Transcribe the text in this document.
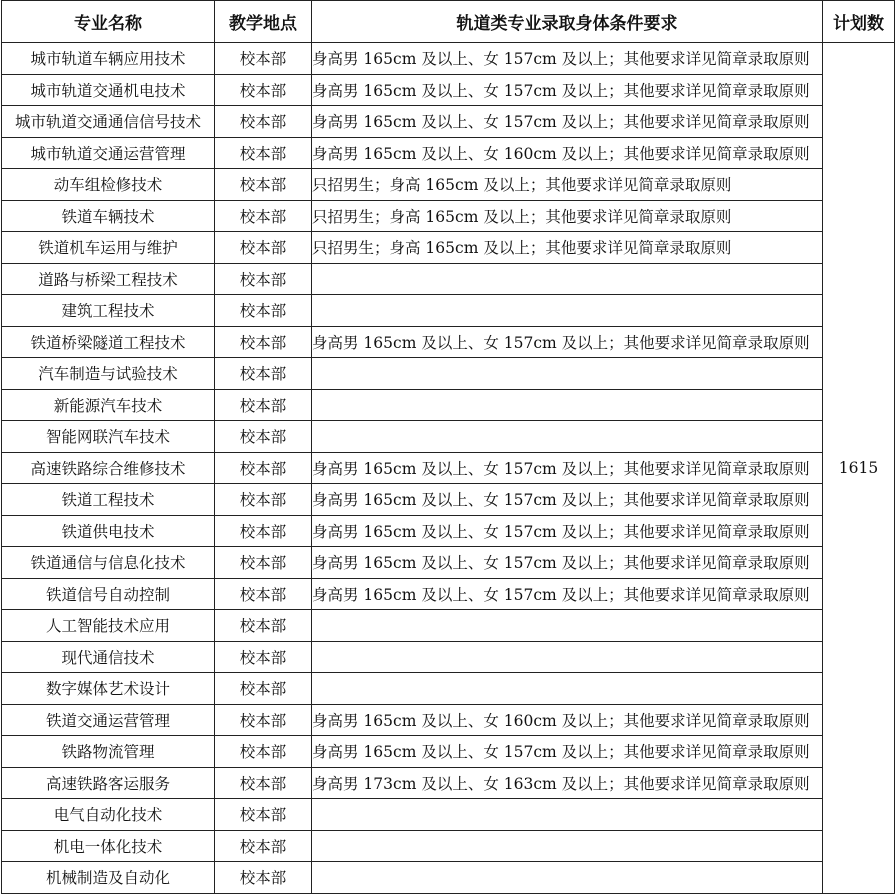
专业名称	教学地点	轨道类专业录取身体条件要求	计划数
城市轨道车辆应用技术	校本部	身高男 165cm 及以上、女 157cm 及以上；其他要求详见简章录取原则	1615
城市轨道交通机电技术	校本部	身高男 165cm 及以上、女 157cm 及以上；其他要求详见简章录取原则	
城市轨道交通通信信号技术	校本部	身高男 165cm 及以上、女 157cm 及以上；其他要求详见简章录取原则	
城市轨道交通运营管理	校本部	身高男 165cm 及以上、女 160cm 及以上；其他要求详见简章录取原则	
动车组检修技术	校本部	只招男生；身高 165cm 及以上；其他要求详见简章录取原则	
铁道车辆技术	校本部	只招男生；身高 165cm 及以上；其他要求详见简章录取原则	
铁道机车运用与维护	校本部	只招男生；身高 165cm 及以上；其他要求详见简章录取原则	
道路与桥梁工程技术	校本部		
建筑工程技术	校本部		
铁道桥梁隧道工程技术	校本部	身高男 165cm 及以上、女 157cm 及以上；其他要求详见简章录取原则	
汽车制造与试验技术	校本部		
新能源汽车技术	校本部		
智能网联汽车技术	校本部		
高速铁路综合维修技术	校本部	身高男 165cm 及以上、女 157cm 及以上；其他要求详见简章录取原则	
铁道工程技术	校本部	身高男 165cm 及以上、女 157cm 及以上；其他要求详见简章录取原则	
铁道供电技术	校本部	身高男 165cm 及以上、女 157cm 及以上；其他要求详见简章录取原则	
铁道通信与信息化技术	校本部	身高男 165cm 及以上、女 157cm 及以上；其他要求详见简章录取原则	
铁道信号自动控制	校本部	身高男 165cm 及以上、女 157cm 及以上；其他要求详见简章录取原则	
人工智能技术应用	校本部		
现代通信技术	校本部		
数字媒体艺术设计	校本部		
铁道交通运营管理	校本部	身高男 165cm 及以上、女 160cm 及以上；其他要求详见简章录取原则	
铁路物流管理	校本部	身高男 165cm 及以上、女 157cm 及以上；其他要求详见简章录取原则	
高速铁路客运服务	校本部	身高男 173cm 及以上、女 163cm 及以上；其他要求详见简章录取原则	
电气自动化技术	校本部		
机电一体化技术	校本部		
机械制造及自动化	校本部		
